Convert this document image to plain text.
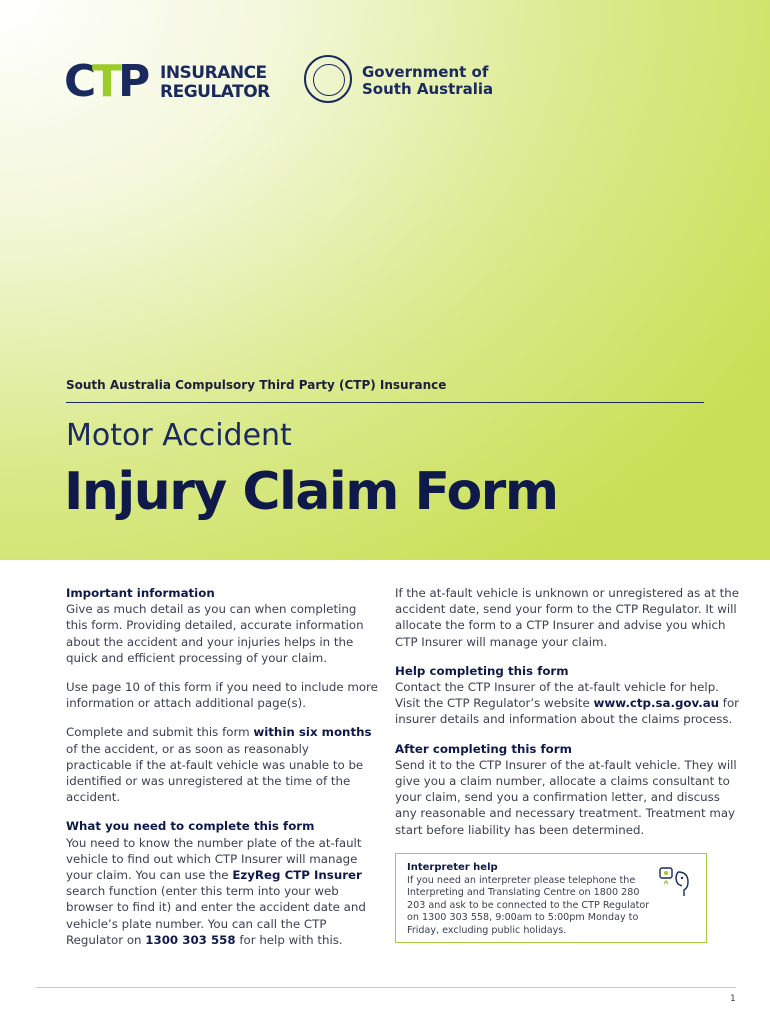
C
T
P INSURANCE
REGULATOR
Government of
South Australia
South Australia Compulsory Third Party (CTP) Insurance
Motor Accident
Injury Claim Form
Important information

Give as much detail as you can when completing this form. Providing detailed, accurate information about the accident and your injuries helps in the quick and efficient processing of your claim.

Use page 10 of this form if you need to include more information or attach additional page(s).

Complete and submit this form within six months of the accident, or as soon as reasonably practicable if the at-fault vehicle was unable to be identified or was unregistered at the time of the accident.

What you need to complete this form

You need to know the number plate of the at-fault vehicle to find out which CTP Insurer will manage your claim. You can use the EzyReg CTP Insurer search function (enter this term into your web browser to find it) and enter the accident date and vehicle’s plate number. You can call the CTP Regulator on 1300 303 558 for help with this.

If the at-fault vehicle is unknown or unregistered as at the accident date, send your form to the CTP Regulator. It will allocate the form to a CTP Insurer and advise you which CTP Insurer will manage your claim.

Help completing this form

Contact the CTP Insurer of the at-fault vehicle for help. Visit the CTP Regulator’s website www.ctp.sa.gov.au for insurer details and information about the claims process.

After completing this form

Send it to the CTP Insurer of the at-fault vehicle. They will give you a claim number, allocate a claims consultant to your claim, send you a confirmation letter, and discuss any reasonable and necessary treatment. Treatment may start before liability has been determined.

Interpreter help
If you need an interpreter please telephone the Interpreting and Translating Centre on 1800 280 203 and ask to be connected to the CTP Regulator on 1300 303 558, 9:00am to 5:00pm Monday to Friday, excluding public holidays.
1
